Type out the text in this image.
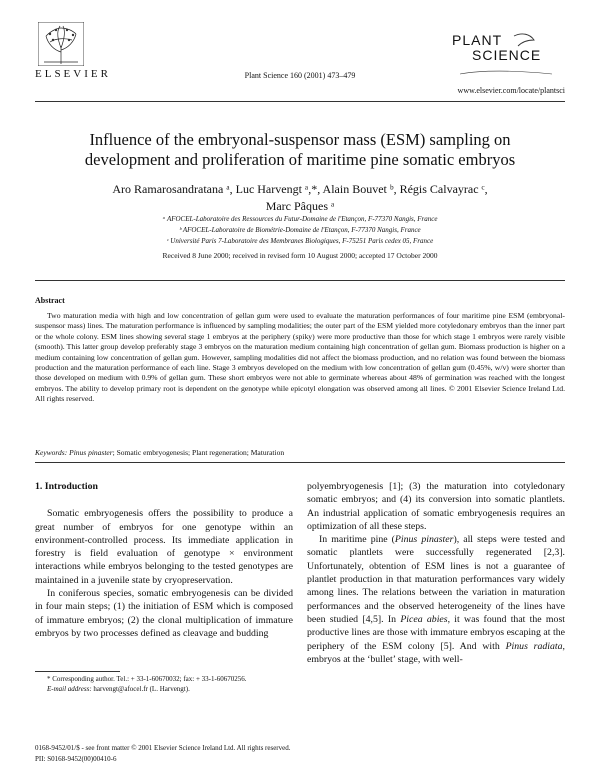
ELSEVIER	Plant Science 160 (2001) 473–479
PLANT
SCIENCE
www.elsevier.com/locate/plantsci
Influence of the embryonal-suspensor mass (ESM) sampling on development and proliferation of maritime pine somatic embryos
Aro Ramarosandratana ᵃ, Luc Harvengt ᵃ,*, Alain Bouvet ᵇ, Régis Calvayrac ᶜ,
Marc Pâques ᵃ
ᵃ AFOCEL-Laboratoire des Ressources du Futur-Domaine de l'Etançon, F-77370 Nangis, France
ᵇ AFOCEL-Laboratoire de Biométrie-Domaine de l'Etançon, F-77370 Nangis, France
ᶜ Université Paris 7-Laboratoire des Membranes Biologiques, F-75251 Paris cedex 05, France
Received 8 June 2000; received in revised form 10 August 2000; accepted 17 October 2000
Abstract
Two maturation media with high and low concentration of gellan gum were used to evaluate the maturation performances of four maritime pine ESM (embryonal-suspensor mass) lines. The maturation performance is influenced by sampling modalities; the outer part of the ESM yielded more cotyledonary embryos than the inner part or the whole colony. ESM lines showing several stage 1 embryos at the periphery (spiky) were more productive than those for which stage 1 embryos were rarely visible (smooth). This latter group develop preferably stage 3 embryos on the maturation medium containing high concentration of gellan gum. Biomass production is higher on a medium containing low concentration of gellan gum. However, sampling modalities did not affect the biomass production, and no relation was found between the biomass production and the maturation performance of each line. Stage 3 embryos developed on the medium with low concentration of gellan gum (0.45%, w/v) were shorter than those developed on medium with 0.9% of gellan gum. These short embryos were not able to germinate whereas about 48% of germination was reached with the longest embryos. The ability to develop primary root is dependent on the genotype while epicotyl elongation was observed among all lines. © 2001 Elsevier Science Ireland Ltd. All rights reserved.
Keywords: Pinus pinaster; Somatic embryogenesis; Plant regeneration; Maturation
1. Introduction

Somatic embryogenesis offers the possibility to produce a great number of embryos for one genotype within an environment-controlled process. Its immediate application in forestry is field evaluation of genotype × environment interactions while embryos belonging to the tested genotypes are maintained in a juvenile state by cryopreservation.

In coniferous species, somatic embryogenesis can be divided in four main steps; (1) the initiation of ESM which is composed of immature embryos; (2) the clonal multiplication of immature embryos by two processes defined as cleavage and budding

polyembryogenesis [1]; (3) the maturation into cotyledonary somatic embryos; and (4) its conversion into somatic plantlets. An industrial application of somatic embryogenesis requires an optimization of all these steps.

In maritime pine (Pinus pinaster), all steps were tested and somatic plantlets were successfully regenerated [2,3]. Unfortunately, obtention of ESM lines is not a guarantee of plantlet production in that maturation performances vary widely among lines. The relations between the variation in maturation performances and the observed heterogeneity of the lines have been studied [4,5]. In Picea abies, it was found that the most productive lines are those with immature embryos escaping at the periphery of the ESM colony [5]. And with Pinus radiata, embryos at the ‘bullet’ stage, with well-

* Corresponding author. Tel.: + 33-1-60670032; fax: + 33-1-60670256.

E-mail address: harvengt@afocel.fr (L. Harvengt).

0168-9452/01/$ - see front matter © 2001 Elsevier Science Ireland Ltd. All rights reserved.
PII: S0168-9452(00)00410-6
